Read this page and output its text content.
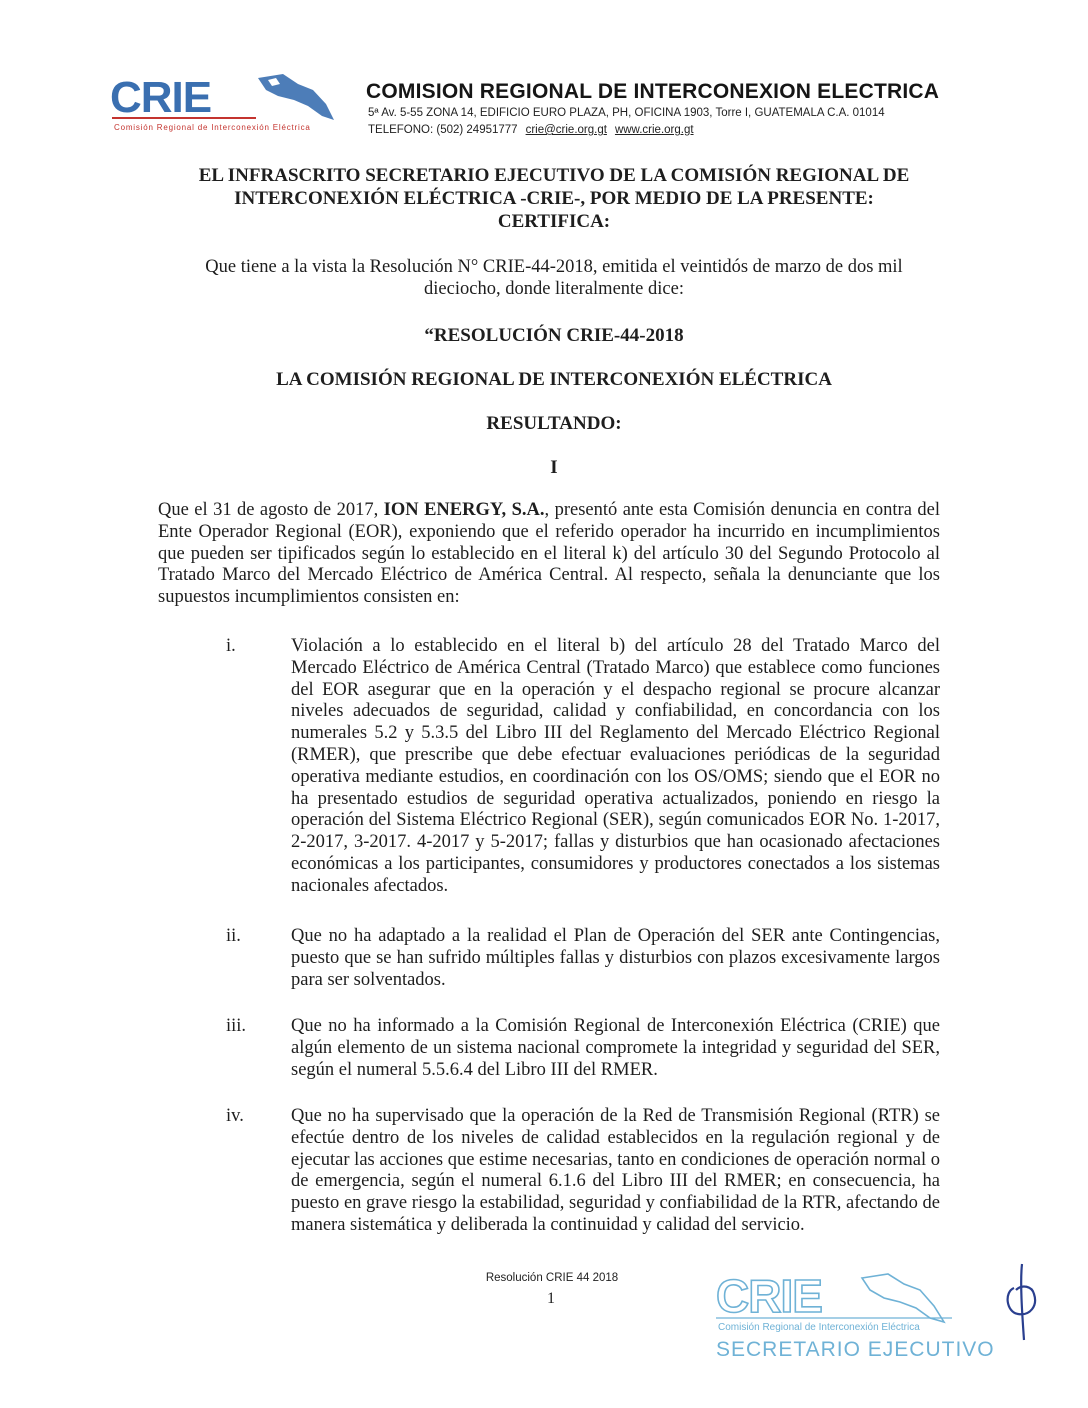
CRIE
Comisión Regional de Interconexión Eléctrica
COMISION REGIONAL DE INTERCONEXION ELECTRICA
5ª Av. 5-55 ZONA 14, EDIFICIO EURO PLAZA, PH, OFICINA 1903, Torre I, GUATEMALA C.A. 01014
TELEFONO: (502) 24951777 crie@crie.org.gt www.crie.org.gt
EL INFRASCRITO SECRETARIO EJECUTIVO DE LA COMISIÓN REGIONAL DE
INTERCONEXIÓN ELÉCTRICA -CRIE-, POR MEDIO DE LA PRESENTE:
CERTIFICA:
Que tiene a la vista la Resolución N° CRIE-44-2018, emitida el veintidós de marzo de dos mil
dieciocho, donde literalmente dice:
“RESOLUCIÓN CRIE-44-2018
LA COMISIÓN REGIONAL DE INTERCONEXIÓN ELÉCTRICA
RESULTANDO:
I
Que el 31 de agosto de 2017, ION ENERGY, S.A., presentó ante esta Comisión denuncia en contra del Ente Operador Regional (EOR), exponiendo que el referido operador ha incurrido en incumplimientos que pueden ser tipificados según lo establecido en el literal k) del artículo 30 del Segundo Protocolo al Tratado Marco del Mercado Eléctrico de América Central. Al respecto, señala la denunciante que los supuestos incumplimientos consisten en:
i.	Violación a lo establecido en el literal b) del artículo 28 del Tratado Marco del Mercado Eléctrico de América Central (Tratado Marco) que establece como funciones del EOR asegurar que en la operación y el despacho regional se procure alcanzar niveles adecuados de seguridad, calidad y confiabilidad, en concordancia con los numerales 5.2 y 5.3.5 del Libro III del Reglamento del Mercado Eléctrico Regional (RMER), que prescribe que debe efectuar evaluaciones periódicas de la seguridad operativa mediante estudios, en coordinación con los OS/OMS; siendo que el EOR no ha presentado estudios de seguridad operativa actualizados, poniendo en riesgo la operación del Sistema Eléctrico Regional (SER), según comunicados EOR No. 1-2017, 2-2017, 3-2017. 4-2017 y 5-2017; fallas y disturbios que han ocasionado afectaciones económicas a los participantes, consumidores y productores conectados a los sistemas nacionales afectados.
ii.	Que no ha adaptado a la realidad el Plan de Operación del SER ante Contingencias, puesto que se han sufrido múltiples fallas y disturbios con plazos excesivamente largos para ser solventados.
iii. Que no ha informado a la Comisión Regional de Interconexión Eléctrica (CRIE) que algún elemento de un sistema nacional compromete la integridad y seguridad del SER, según el numeral 5.5.6.4 del Libro III del RMER.
iv.	Que no ha supervisado que la operación de la Red de Transmisión Regional (RTR) se efectúe dentro de los niveles de calidad establecidos en la regulación regional y de ejecutar las acciones que estime necesarias, tanto en condiciones de operación normal o de emergencia, según el numeral 6.1.6 del Libro III del RMER; en consecuencia, ha puesto en grave riesgo la estabilidad, seguridad y confiabilidad de la RTR, afectando de manera sistemática y deliberada la continuidad y calidad del servicio.
Resolución CRIE 44 2018
1	CRIE
Comisión Regional de Interconexión Eléctrica
SECRETARIO EJECUTIVO
